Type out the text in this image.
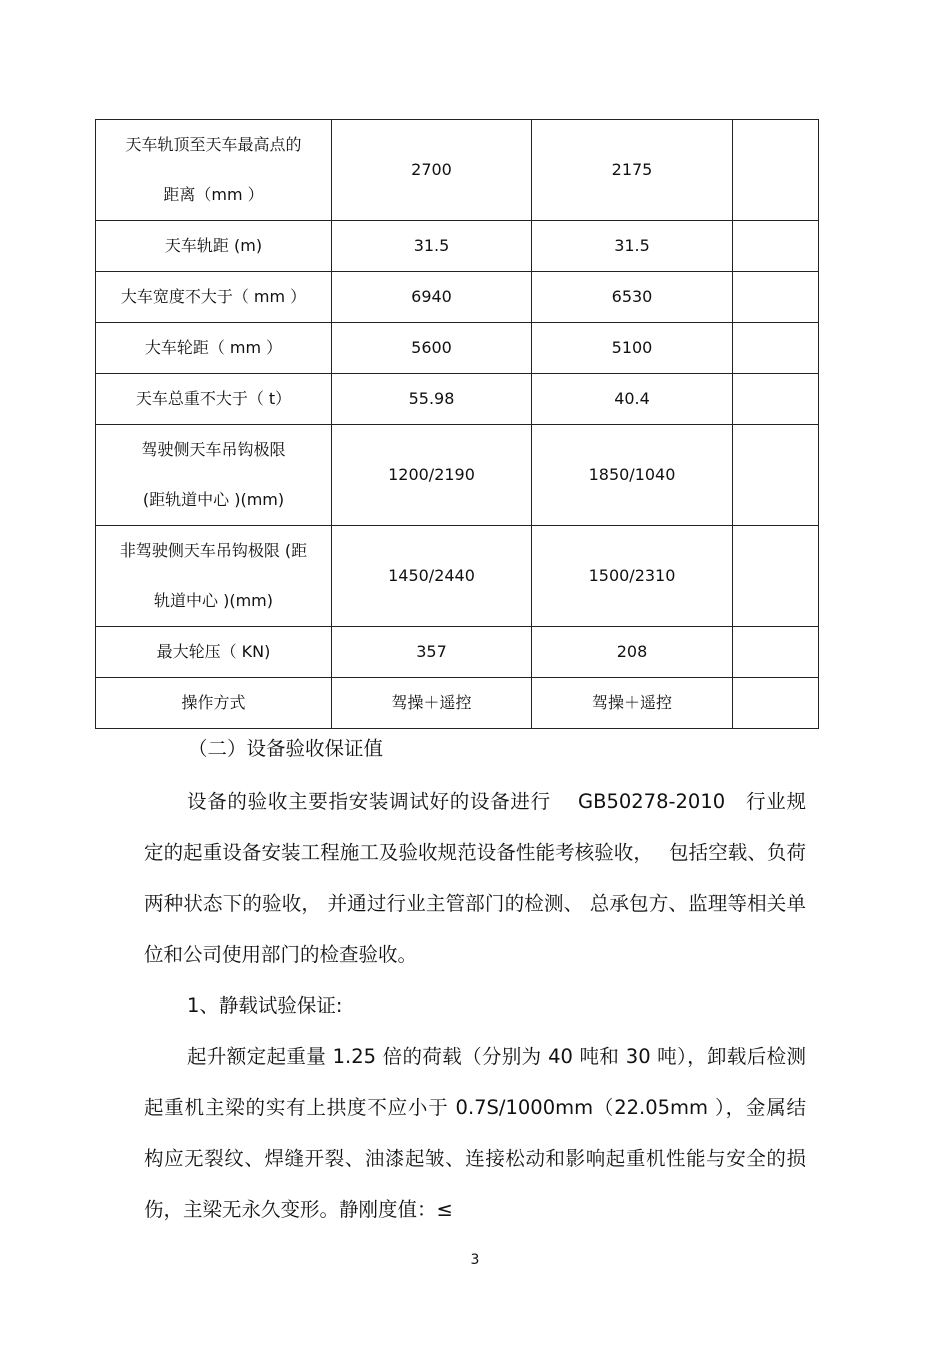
天车轨顶至天车最高点的
距离（mm ）	2700	2175	
天车轨距 (m)	31.5	31.5	
大车宽度不大于（ mm ）	6940	6530	
大车轮距（ mm ）	5600	5100	
天车总重不大于（ t）	55.98	40.4	

驾驶侧天车吊钩极限
(距轨道中心 )(mm)	1200/2190	1850/1040	

非驾驶侧天车吊钩极限 (距
轨道中心 )(mm)	1450/2440	1500/2310	
最大轮压（ KN)	357	208	
操作方式	驾操＋遥控	驾操＋遥控	
（二）设备验收保证值

设备的验收主要指安装调试好的设备进行　 GB50278-2010　行业规定的起重设备安装工程施工及验收规范设备性能考核验收，　 包括空载、负荷两种状态下的验收， 并通过行业主管部门的检测、 总承包方、监理等相关单位和公司使用部门的检查验收。

1、静载试验保证:

起升额定起重量 1.25 倍的荷载（分别为 40 吨和 30 吨），卸载后检测起重机主梁的实有上拱度不应小于 0.7S/1000mm（22.05mm ），金属结构应无裂纹、焊缝开裂、油漆起皱、连接松动和影响起重机性能与安全的损伤，主梁无永久变形。静刚度值：≤

3
